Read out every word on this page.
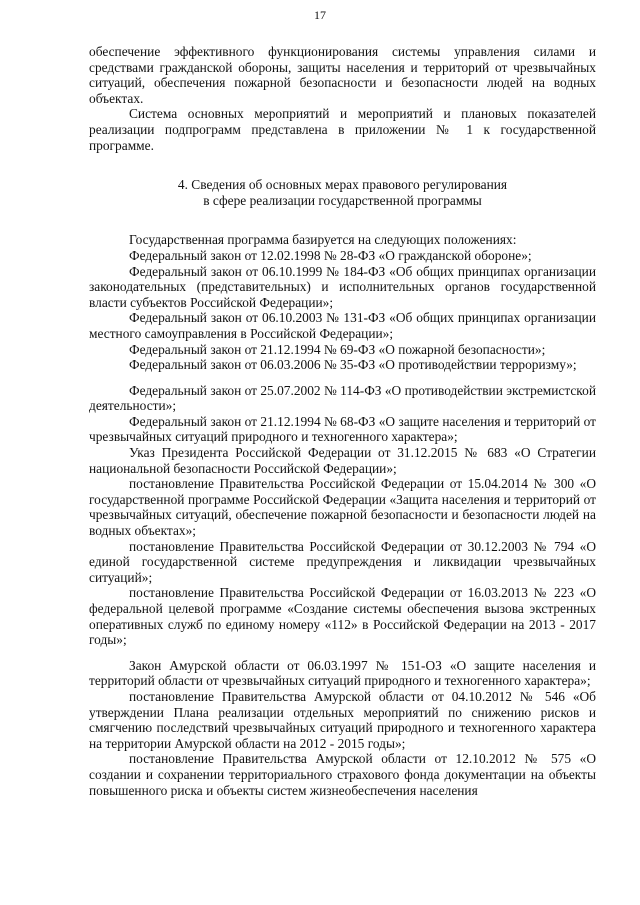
17

обеспечение эффективного функционирования системы управления силами и средствами гражданской обороны, защиты населения и территорий от чрезвычайных ситуаций, обеспечения пожарной безопасности и безопасности людей на водных объектах.

Система основных мероприятий и мероприятий и плановых показателей реализации подпрограмм представлена в приложении № 1 к государственной программе.

4. Сведения об основных мерах правового регулирования
в сфере реализации государственной программы

Государственная программа базируется на следующих положениях:

Федеральный закон от 12.02.1998 № 28-ФЗ «О гражданской обороне»;

Федеральный закон от 06.10.1999 № 184-ФЗ «Об общих принципах организации законодательных (представительных) и исполнительных органов государственной власти субъектов Российской Федерации»;

Федеральный закон от 06.10.2003 № 131-ФЗ «Об общих принципах организации местного самоуправления в Российской Федерации»;

Федеральный закон от 21.12.1994 № 69-ФЗ «О пожарной безопасности»;

Федеральный закон от 06.03.2006 № 35-ФЗ «О противодействии терроризму»;

Федеральный закон от 25.07.2002 № 114-ФЗ «О противодействии экстремистской деятельности»;

Федеральный закон от 21.12.1994 № 68-ФЗ «О защите населения и территорий от чрезвычайных ситуаций природного и техногенного характера»;

Указ Президента Российской Федерации от 31.12.2015 № 683 «О Стратегии национальной безопасности Российской Федерации»;

постановление Правительства Российской Федерации от 15.04.2014 № 300 «О государственной программе Российской Федерации «Защита населения и территорий от чрезвычайных ситуаций, обеспечение пожарной безопасности и безопасности людей на водных объектах»;

постановление Правительства Российской Федерации от 30.12.2003 № 794 «О единой государственной системе предупреждения и ликвидации чрезвычайных ситуаций»;

постановление Правительства Российской Федерации от 16.03.2013 № 223 «О федеральной целевой программе «Создание системы обеспечения вызова экстренных оперативных служб по единому номеру «112» в Российской Федерации на 2013 - 2017 годы»;

Закон Амурской области от 06.03.1997 № 151-ОЗ «О защите населения и территорий области от чрезвычайных ситуаций природного и техногенного характера»;

постановление Правительства Амурской области от 04.10.2012 № 546 «Об утверждении Плана реализации отдельных мероприятий по снижению рисков и смягчению последствий чрезвычайных ситуаций природного и техногенного характера на территории Амурской области на 2012 - 2015 годы»;

постановление Правительства Амурской области от 12.10.2012 № 575 «О создании и сохранении территориального страхового фонда документации на объекты повышенного риска и объекты систем жизнеобеспечения населения
